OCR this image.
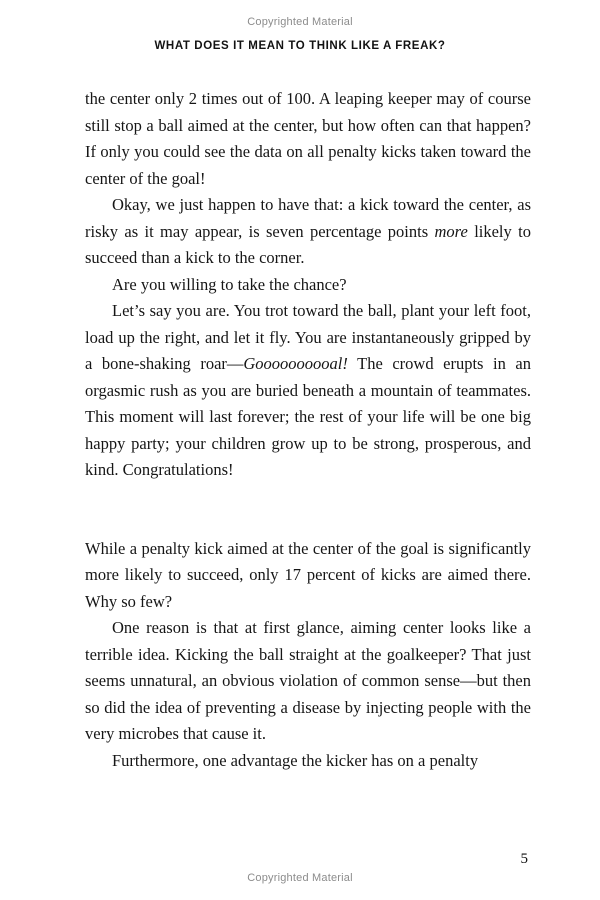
Copyrighted Material
WHAT DOES IT MEAN TO THINK LIKE A FREAK?

the center only 2 times out of 100. A leaping keeper may of course still stop a ball aimed at the center, but how often can that happen? If only you could see the data on all penalty kicks taken toward the center of the goal!

Okay, we just happen to have that: a kick toward the center, as risky as it may appear, is seven percentage points more likely to succeed than a kick to the corner.

Are you willing to take the chance?

Let’s say you are. You trot toward the ball, plant your left foot, load up the right, and let it fly. You are instantaneously gripped by a bone-shaking roar—Goooooooooal! The crowd erupts in an orgasmic rush as you are buried beneath a mountain of teammates. This moment will last forever; the rest of your life will be one big happy party; your children grow up to be strong, prosperous, and kind. Congratulations!

While a penalty kick aimed at the center of the goal is significantly more likely to succeed, only 17 percent of kicks are aimed there. Why so few?

One reason is that at first glance, aiming center looks like a terrible idea. Kicking the ball straight at the goalkeeper? That just seems unnatural, an obvious violation of common sense—but then so did the idea of preventing a disease by injecting people with the very microbes that cause it.

Furthermore, one advantage the kicker has on a penalty

5
Copyrighted Material
